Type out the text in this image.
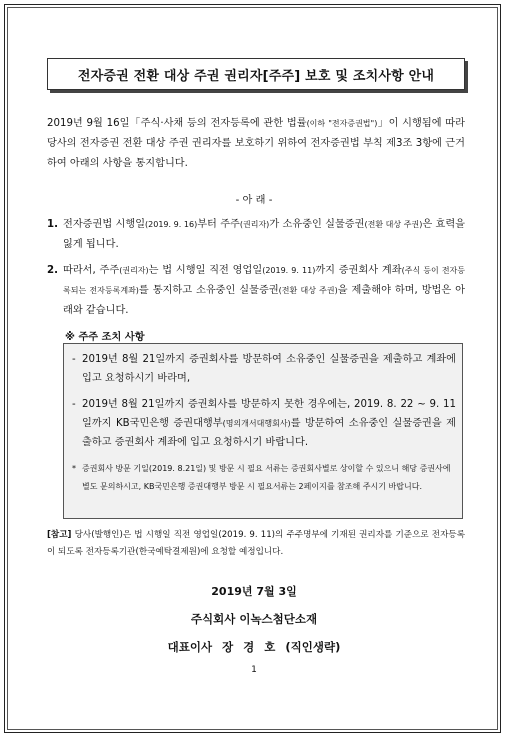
전자증권 전환 대상 주권 권리자[주주] 보호 및 조치사항 안내
2019년 9월 16일「주식·사채 등의 전자등록에 관한 법률(이하 "전자증권법")」이 시행됨에 따라 당사의 전자증권 전환 대상 주권 권리자를 보호하기 위하여 전자증권법 부칙 제3조 3항에 근거하여 아래의 사항을 통지합니다.
- 아 래 -
1. 전자증권법 시행일(2019. 9. 16)부터 주주(권리자)가 소유중인 실물증권(전환 대상 주권)은 효력을 잃게 됩니다.
2. 따라서, 주주(권리자)는 법 시행일 직전 영업일(2019. 9. 11)까지 증권회사 계좌(주식 등이 전자등록되는 전자등록계좌)를 통지하고 소유중인 실물증권(전환 대상 주권)을 제출해야 하며, 방법은 아래와 같습니다.
※ 주주 조치 사항
- 2019년 8월 21일까지 증권회사를 방문하여 소유중인 실물증권을 제출하고 계좌에 입고 요청하시기 바라며,
- 2019년 8월 21일까지 증권회사를 방문하지 못한 경우에는, 2019. 8. 22 ~ 9. 11일까지 KB국민은행 증권대행부(명의개서대행회사)를 방문하여 소유중인 실물증권을 제출하고 증권회사 계좌에 입고 요청하시기 바랍니다.
* 증권회사 방문 기일(2019. 8.21일) 및 방문 시 필요 서류는 증권회사별로 상이할 수 있으니 해당 증권사에 별도 문의하시고, KB국민은행 증권대행부 방문 시 필요서류는 2페이지를 참조해 주시기 바랍니다.
[참고] 당사(발행인)은 법 시행일 직전 영업일(2019. 9. 11)의 주주명부에 기재된 권리자를 기준으로 전자등록이 되도록 전자등록기관(한국예탁결제원)에 요청할 예정입니다.
2019년 7월 3일
주식회사 이녹스첨단소재
대표이사 장 경 호 (직인생략)
1
